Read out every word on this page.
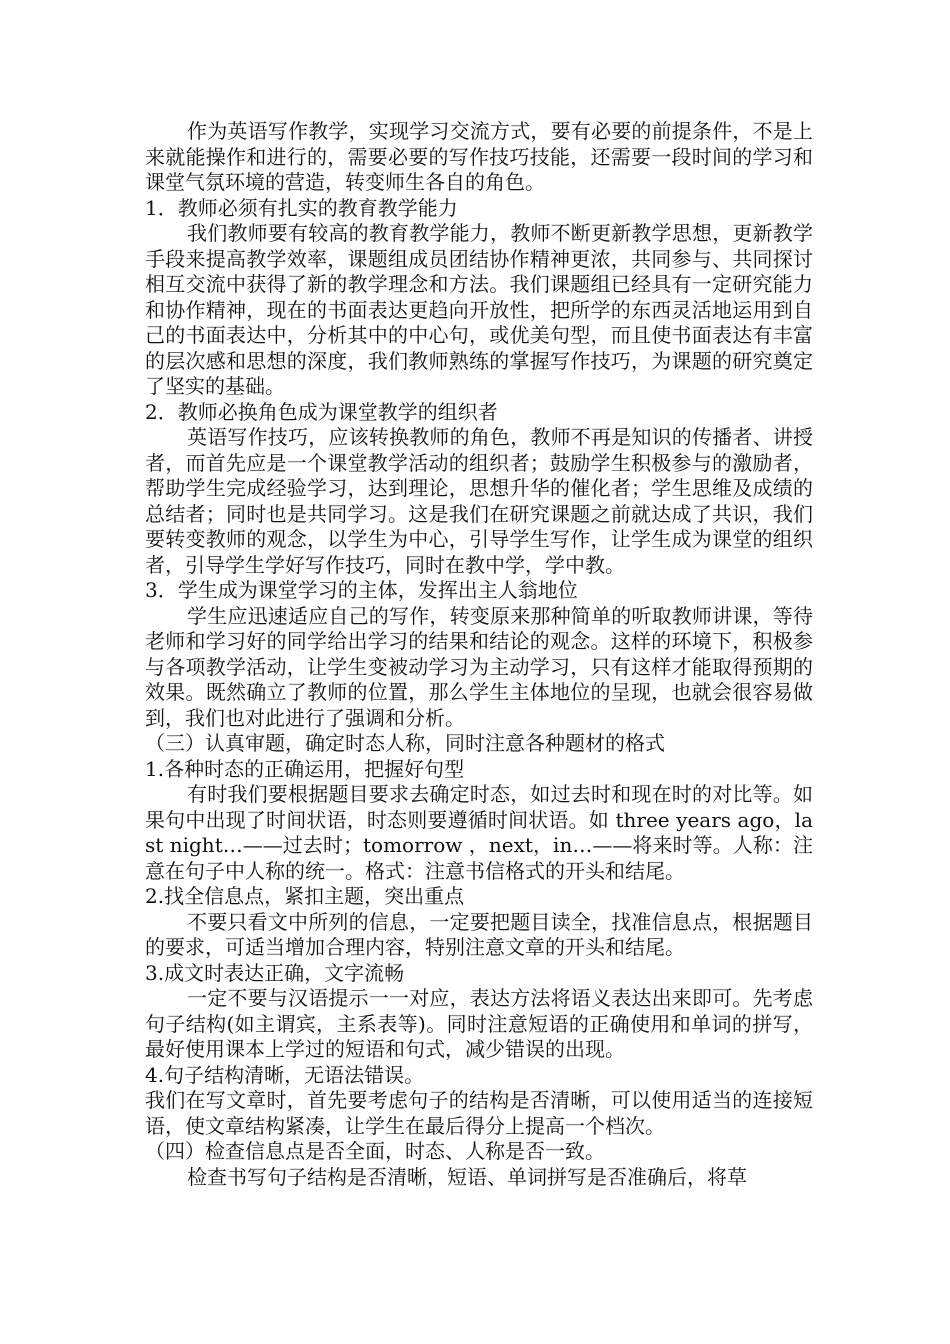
作为英语写作教学，实现学习交流方式，要有必要的前提条件，不是上来就能操作和进行的，需要必要的写作技巧技能，还需要一段时间的学习和课堂气氛环境的营造，转变师生各自的角色。

1．教师必须有扎实的教育教学能力

我们教师要有较高的教育教学能力，教师不断更新教学思想，更新教学手段来提高教学效率，课题组成员团结协作精神更浓，共同参与、共同探讨相互交流中获得了新的教学理念和方法。我们课题组已经具有一定研究能力和协作精神，现在的书面表达更趋向开放性，把所学的东西灵活地运用到自己的书面表达中，分析其中的中心句，或优美句型，而且使书面表达有丰富的层次感和思想的深度，我们教师熟练的掌握写作技巧，为课题的研究奠定了坚实的基础。

2．教师必换角色成为课堂教学的组织者

英语写作技巧，应该转换教师的角色，教师不再是知识的传播者、讲授者，而首先应是一个课堂教学活动的组织者；鼓励学生积极参与的激励者，帮助学生完成经验学习，达到理论，思想升华的催化者；学生思维及成绩的总结者；同时也是共同学习。这是我们在研究课题之前就达成了共识，我们要转变教师的观念，以学生为中心，引导学生写作，让学生成为课堂的组织者，引导学生学好写作技巧，同时在教中学，学中教。

3．学生成为课堂学习的主体，发挥出主人翁地位

学生应迅速适应自己的写作，转变原来那种简单的听取教师讲课，等待老师和学习好的同学给出学习的结果和结论的观念。这样的环境下，积极参与各项教学活动，让学生变被动学习为主动学习，只有这样才能取得预期的效果。既然确立了教师的位置，那么学生主体地位的呈现，也就会很容易做到，我们也对此进行了强调和分析。

（三）认真审题，确定时态人称，同时注意各种题材的格式

1.各种时态的正确运用，把握好句型

有时我们要根据题目要求去确定时态，如过去时和现在时的对比等。如果句中出现了时间状语，时态则要遵循时间状语。如 three years ago，last night…——过去时；tomorrow ，next，in…——将来时等。人称：注意在句子中人称的统一。格式：注意书信格式的开头和结尾。

2.找全信息点，紧扣主题，突出重点

不要只看文中所列的信息，一定要把题目读全，找准信息点，根据题目的要求，可适当增加合理内容，特别注意文章的开头和结尾。

3.成文时表达正确，文字流畅

一定不要与汉语提示一一对应，表达方法将语义表达出来即可。先考虑句子结构(如主谓宾，主系表等)。同时注意短语的正确使用和单词的拼写，最好使用课本上学过的短语和句式，减少错误的出现。

4.句子结构清晰，无语法错误。

我们在写文章时，首先要考虑句子的结构是否清晰，可以使用适当的连接短语，使文章结构紧凑，让学生在最后得分上提高一个档次。

（四）检查信息点是否全面，时态、人称是否一致。

检查书写句子结构是否清晰，短语、单词拼写是否准确后，将草
